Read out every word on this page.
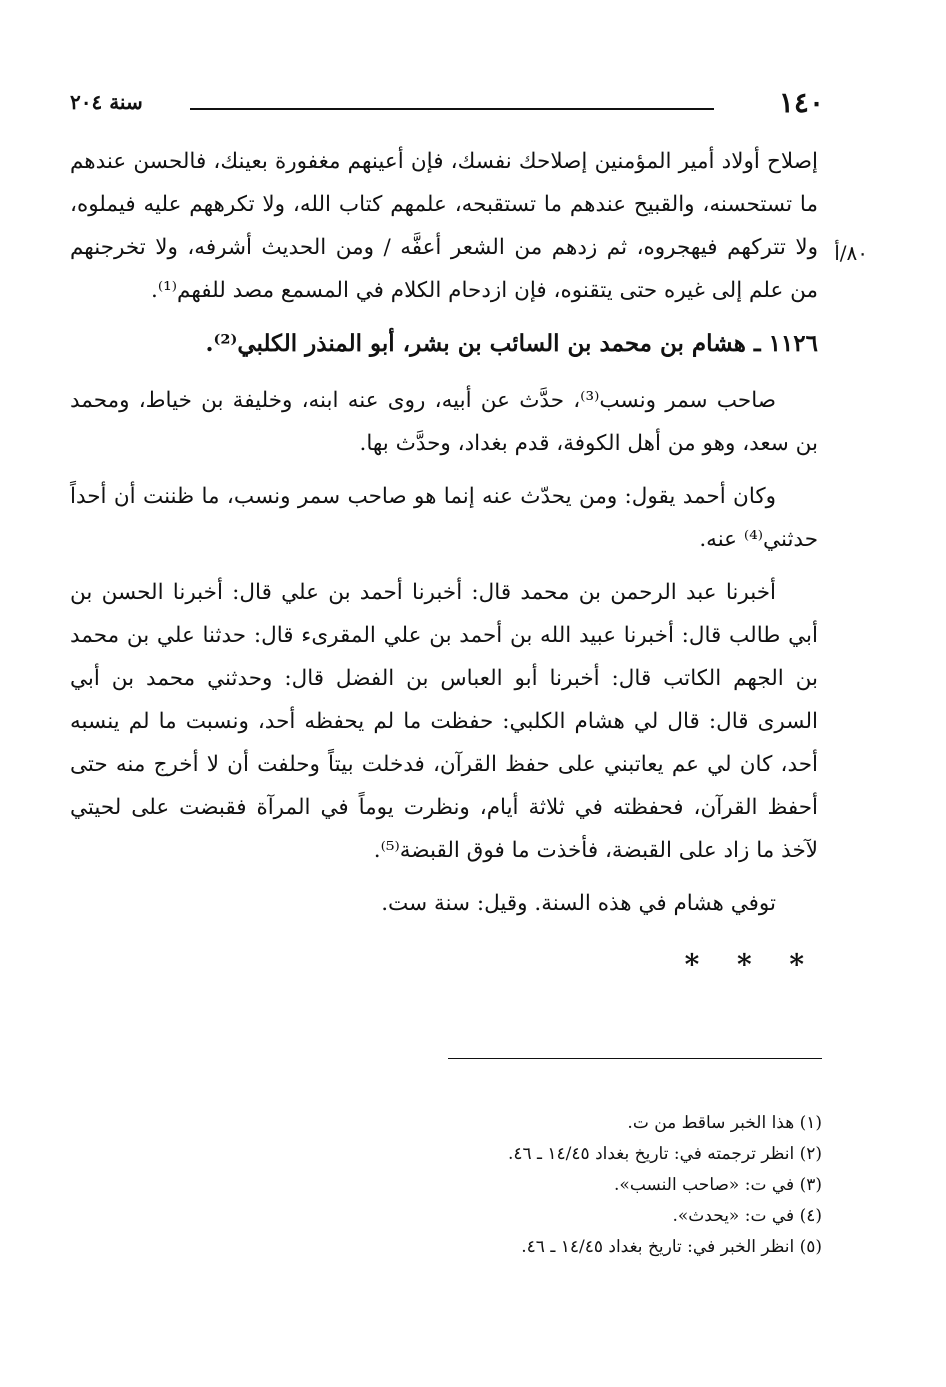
١٤٠
سنة ٢٠٤
٨٠/أ

إصلاح أولاد أمير المؤمنين إصلاحك نفسك، فإن أعينهم مغفورة بعينك، فالحسن عندهم ما تستحسنه، والقبيح عندهم ما تستقبحه، علمهم كتاب الله، ولا تكرههم عليه فيملوه، ولا تتركهم فيهجروه، ثم زدهم من الشعر أعفَّه / ومن الحديث أشرفه، ولا تخرجنهم من علم إلى غيره حتى يتقنوه، فإن ازدحام الكلام في المسمع مصد للفهم⁽¹⁾.

١١٢٦ ـ هشام بن محمد بن السائب بن بشر، أبو المنذر الكلبي⁽²⁾.

صاحب سمر ونسب⁽³⁾، حدَّث عن أبيه، روى عنه ابنه، وخليفة بن خياط، ومحمد بن سعد، وهو من أهل الكوفة، قدم بغداد، وحدَّث بها.

وكان أحمد يقول: ومن يحدّث عنه إنما هو صاحب سمر ونسب، ما ظننت أن أحداً حدثني⁽⁴⁾ عنه.

أخبرنا عبد الرحمن بن محمد قال: أخبرنا أحمد بن علي قال: أخبرنا الحسن بن أبي طالب قال: أخبرنا عبيد الله بن أحمد بن علي المقرىء قال: حدثنا علي بن محمد بن الجهم الكاتب قال: أخبرنا أبو العباس بن الفضل قال: وحدثني محمد بن أبي السرى قال: قال لي هشام الكلبي: حفظت ما لم يحفظه أحد، ونسبت ما لم ينسبه أحد، كان لي عم يعاتبني على حفظ القرآن، فدخلت بيتاً وحلفت أن لا أخرج منه حتى أحفظ القرآن، فحفظته في ثلاثة أيام، ونظرت يوماً في المرآة فقبضت على لحيتي لآخذ ما زاد على القبضة، فأخذت ما فوق القبضة⁽⁵⁾.

توفي هشام في هذه السنة. وقيل: سنة ست.

* * *
(١) هذا الخبر ساقط من ت.
(٢) انظر ترجمته في: تاريخ بغداد ١٤/٤٥ ـ ٤٦.
(٣) في ت: «صاحب النسب».
(٤) في ت: «يحدث».
(٥) انظر الخبر في: تاريخ بغداد ١٤/٤٥ ـ ٤٦.
